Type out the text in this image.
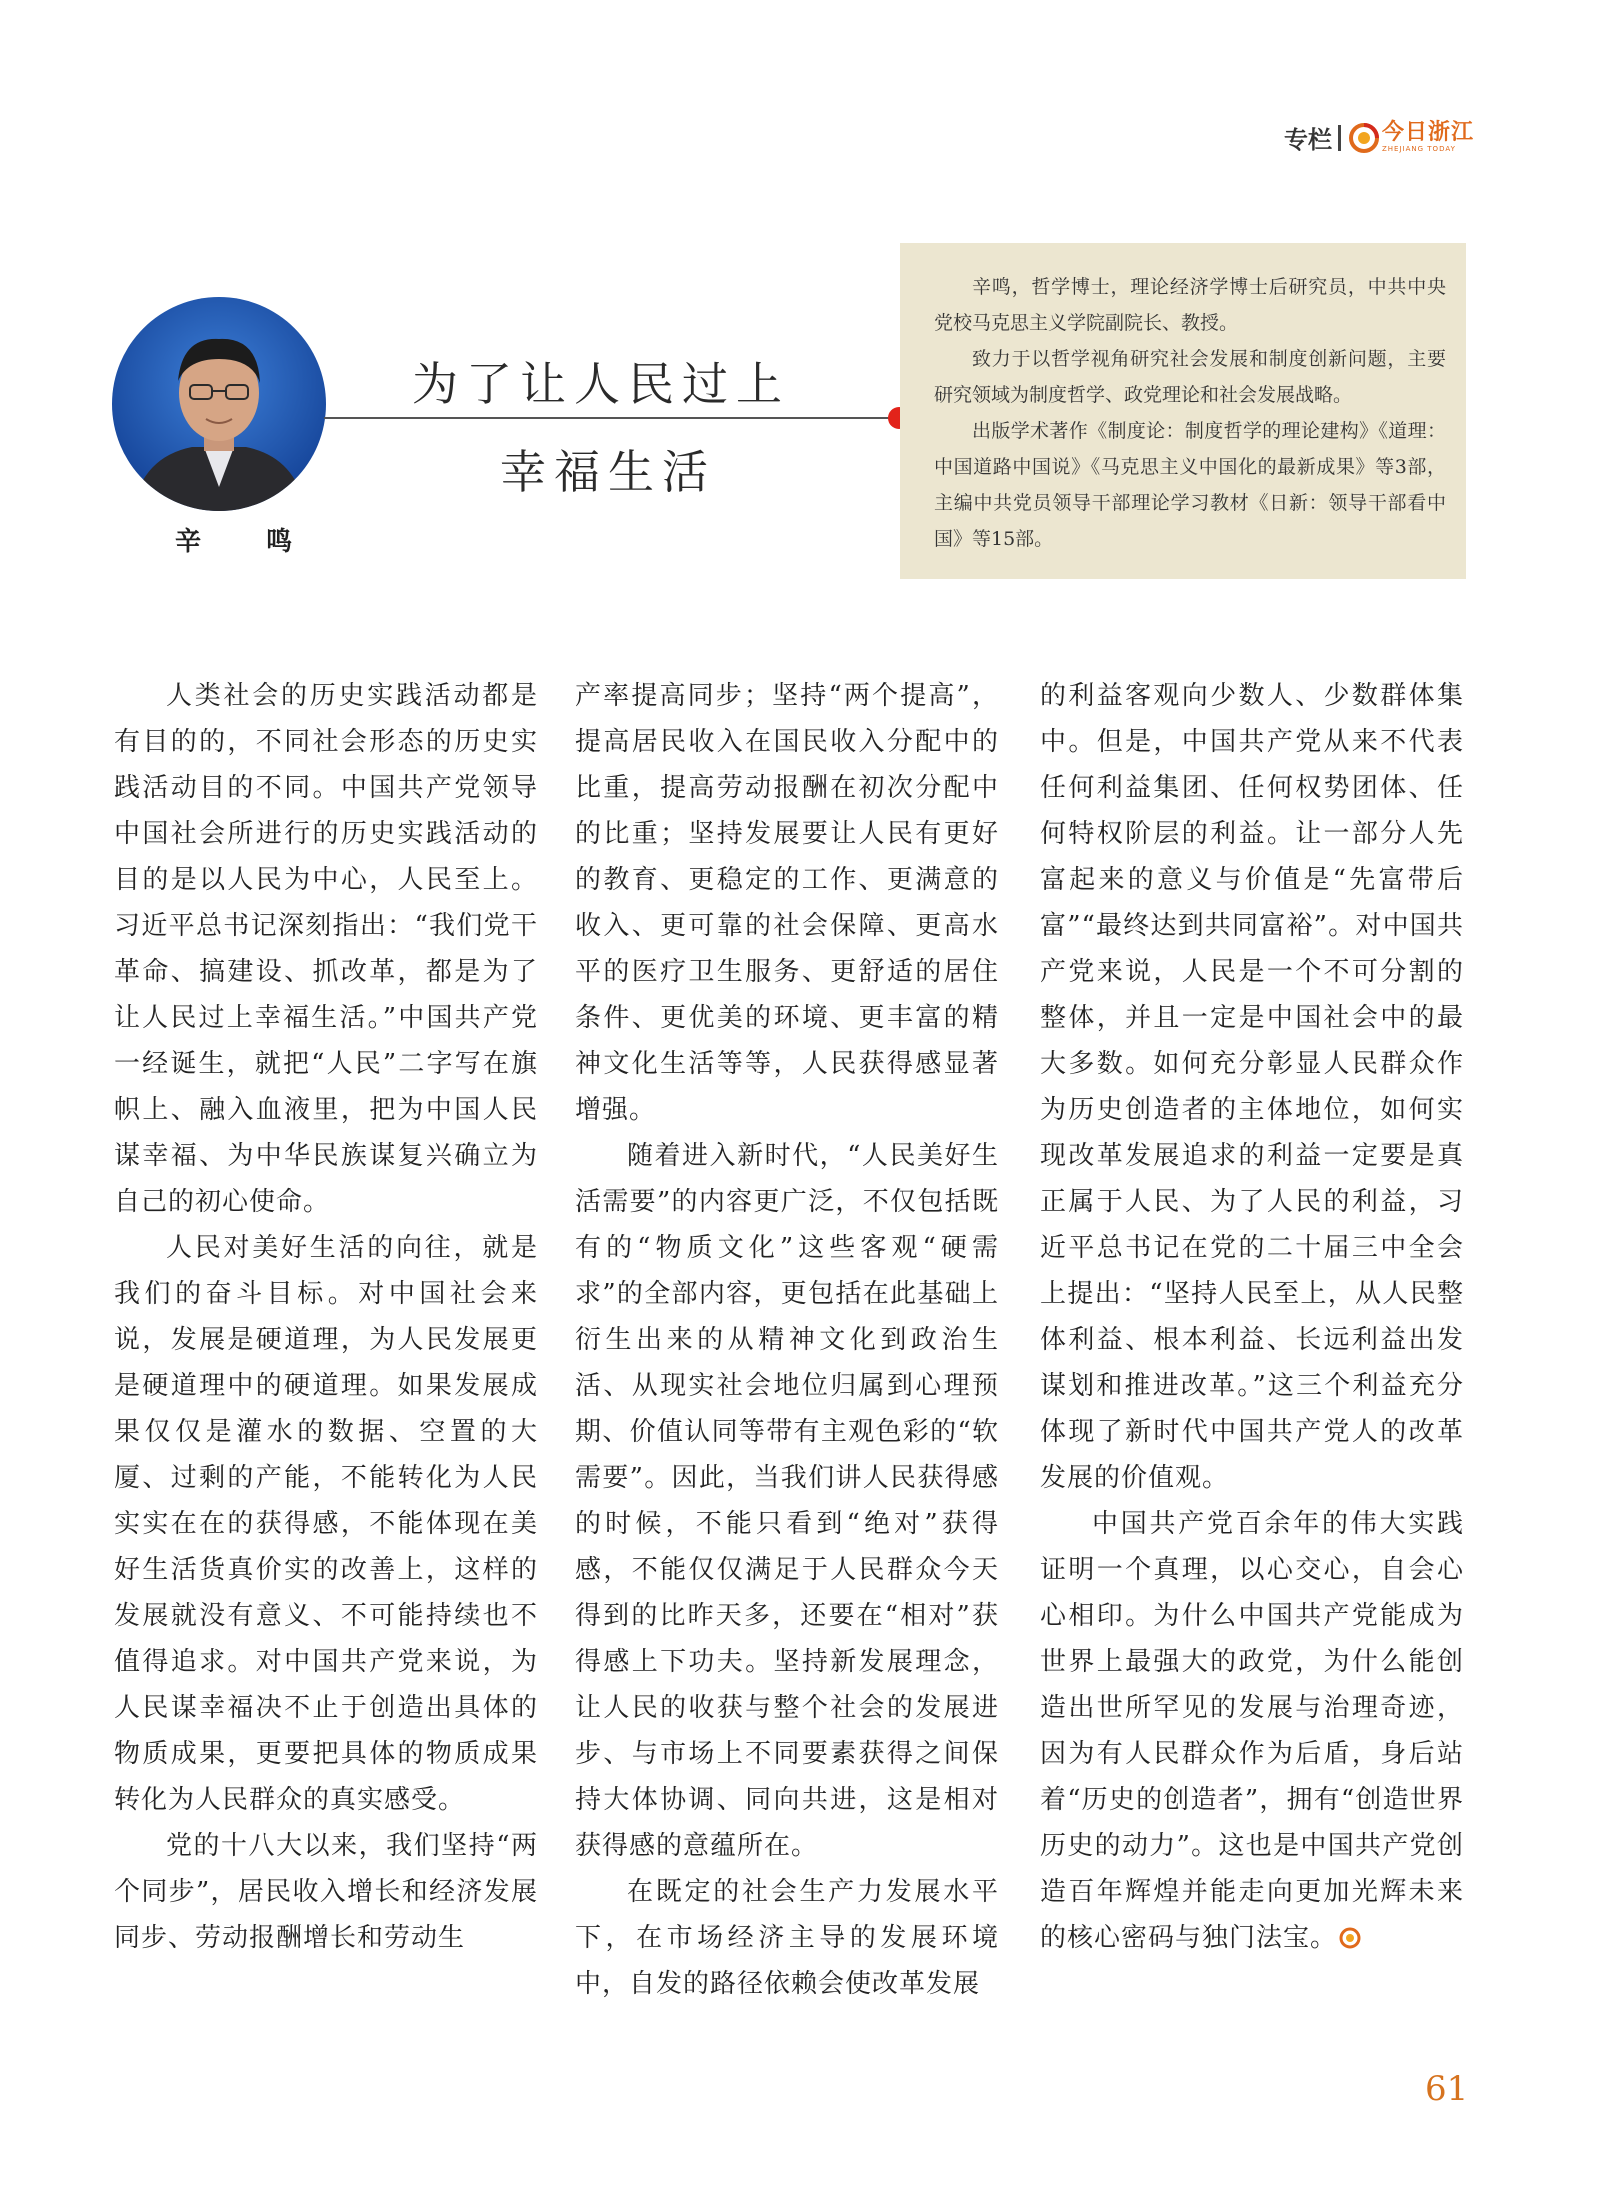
专栏 今日浙江
ZHEJIANG TODAY
辛 鸣
为了让人民过上
幸福生活

辛鸣，哲学博士，理论经济学博士后研究员，中共中央党校马克思主义学院副院长、教授。

致力于以哲学视角研究社会发展和制度创新问题，主要研究领域为制度哲学、政党理论和社会发展战略。

出版学术著作《制度论：制度哲学的理论建构》《道理：中国道路中国说》《马克思主义中国化的最新成果》等3部，主编中共党员领导干部理论学习教材《日新：领导干部看中国》等15部。

人类社会的历史实践活动都是有目的的，不同社会形态的历史实践活动目的不同。中国共产党领导中国社会所进行的历史实践活动的目的是以人民为中心，人民至上。习近平总书记深刻指出：“我们党干革命、搞建设、抓改革，都是为了让人民过上幸福生活。”中国共产党一经诞生，就把“人民”二字写在旗帜上、融入血液里，把为中国人民谋幸福、为中华民族谋复兴确立为自己的初心使命。

人民对美好生活的向往，就是我们的奋斗目标。对中国社会来说，发展是硬道理，为人民发展更是硬道理中的硬道理。如果发展成果仅仅是灌水的数据、空置的大厦、过剩的产能，不能转化为人民实实在在的获得感，不能体现在美好生活货真价实的改善上，这样的发展就没有意义、不可能持续也不值得追求。对中国共产党来说，为人民谋幸福决不止于创造出具体的物质成果，更要把具体的物质成果转化为人民群众的真实感受。

党的十八大以来，我们坚持“两个同步”，居民收入增长和经济发展同步、劳动报酬增长和劳动生

产率提高同步；坚持“两个提高”，提高居民收入在国民收入分配中的比重，提高劳动报酬在初次分配中的比重；坚持发展要让人民有更好的教育、更稳定的工作、更满意的收入、更可靠的社会保障、更高水平的医疗卫生服务、更舒适的居住条件、更优美的环境、更丰富的精神文化生活等等，人民获得感显著增强。

随着进入新时代，“人民美好生活需要”的内容更广泛，不仅包括既有的“物质文化”这些客观“硬需求”的全部内容，更包括在此基础上衍生出来的从精神文化到政治生活、从现实社会地位归属到心理预期、价值认同等带有主观色彩的“软需要”。因此，当我们讲人民获得感的时候，不能只看到“绝对”获得感，不能仅仅满足于人民群众今天得到的比昨天多，还要在“相对”获得感上下功夫。坚持新发展理念，让人民的收获与整个社会的发展进步、与市场上不同要素获得之间保持大体协调、同向共进，这是相对获得感的意蕴所在。

在既定的社会生产力发展水平下，在市场经济主导的发展环境中，自发的路径依赖会使改革发展

的利益客观向少数人、少数群体集中。但是，中国共产党从来不代表任何利益集团、任何权势团体、任何特权阶层的利益。让一部分人先富起来的意义与价值是“先富带后富”“最终达到共同富裕”。对中国共产党来说，人民是一个不可分割的整体，并且一定是中国社会中的最大多数。如何充分彰显人民群众作为历史创造者的主体地位，如何实现改革发展追求的利益一定要是真正属于人民、为了人民的利益，习近平总书记在党的二十届三中全会上提出：“坚持人民至上，从人民整体利益、根本利益、长远利益出发谋划和推进改革。”这三个利益充分体现了新时代中国共产党人的改革发展的价值观。

中国共产党百余年的伟大实践证明一个真理，以心交心，自会心心相印。为什么中国共产党能成为世界上最强大的政党，为什么能创造出世所罕见的发展与治理奇迹，因为有人民群众作为后盾，身后站着“历史的创造者”，拥有“创造世界历史的动力”。这也是中国共产党创造百年辉煌并能走向更加光辉未来的核心密码与独门法宝。

61
